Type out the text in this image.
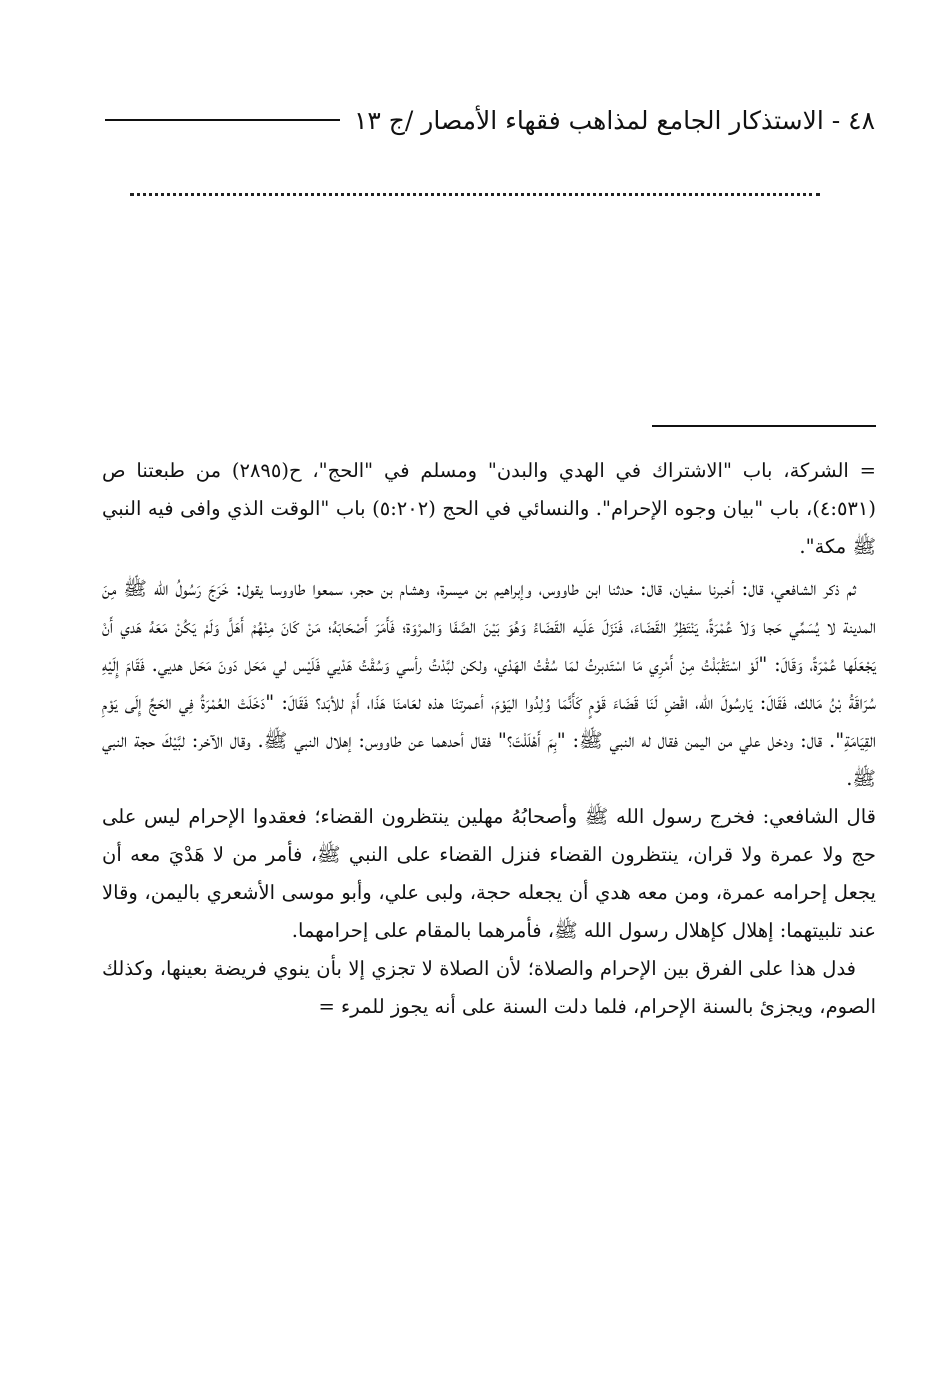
٤٨ - الاستذكار الجامع لمذاهب فقهاء الأمصار /ج ١٣

= الشركة، باب "الاشتراك في الهدي والبدن" ومسلم في "الحج"، ح(٢٨٩٥) من طبعتنا ص (٤:٥٣١)، باب "بيان وجوه الإحرام". والنسائي في الحج (٥:٢٠٢) باب "الوقت الذي وافى فيه النبي ﷺ مكة".

ثم ذكر الشافعي، قال: أخبرنا سفيان، قال: حدثنا ابن طاووس، وإبراهيم بن ميسرة، وهشام بن حجر، سمعوا طاووسا يقول: خَرَجَ رَسُولُ الله ﷺ مِنَ المدينة لا يُسَمِّي حَجا وَلاَ عُمْرَةً، يَنْتَظِرُ القَضَاءَ، فَنَزَلَ عَلَيه القَضَاءُ وَهُوَ بَيْنَ الصَّفَا وَالمرْوَة؛ فَأَمَرَ أَصْحَابَهُ؛ مَنْ كَانَ مِنْهُمْ أَهَلَّ وَلَمْ يَكُنْ مَعَهُ هَدي أَنْ يَجْعَلَها عُمْرَةً، وَقَالَ: "لَوْ اسْتَقْبَلْتُ مِنْ أَمْرِي مَا اسْتَدبرتُ لمَا سُقْتُ الهَدْي، ولكن لبَّدْتُ رأسي وَسُقْتُ هَدْيي فَلَيْس لي مَحَل دَونَ مَحَل هديي. فَقَامَ إِلَيْهِ سُرَاقَةُ بْنُ مَالك، فَقَالَ: يَارسُولَ الله، اقْضِ لَنَا قَضَاءَ قَوْمٍ كَأَنَّمَا وُلِدُوا اليَوْمَ، أعمرتنَا هذه لعَامنَا هَذَا، أَمْ للأبَد؟ فَقَالَ: "دَخَلَتْ العُمْرَةُ فِي الحَجِّ إِلَى يَوْمِ القِيَامَةِ". قال: ودخل علي من اليمن فقال له النبي ﷺ: "بِمَ أَهْلَلْتَ؟" فقال أحدهما عن طاووس: إهلال النبي ﷺ. وقال الآخر: لبَّيْكَ حجة النبي ﷺ.

قال الشافعي: فخرج رسول الله ﷺ وأصحابُهُ مهلين ينتظرون القضاء؛ فعقدوا الإحرام ليس على حج ولا عمرة ولا قران، ينتظرون القضاء فنزل القضاء على النبي ﷺ، فأمر من لا هَدْيَ معه أن يجعل إحرامه عمرة، ومن معه هدي أن يجعله حجة، ولبى علي، وأبو موسى الأشعري باليمن، وقالا عند تلبيتهما: إهلال كإهلال رسول الله ﷺ، فأمرهما بالمقام على إحرامهما.

فدل هذا على الفرق بين الإحرام والصلاة؛ لأن الصلاة لا تجزي إلا بأن ينوي فريضة بعينها، وكذلك الصوم، ويجزئ بالسنة الإحرام، فلما دلت السنة على أنه يجوز للمرء =
